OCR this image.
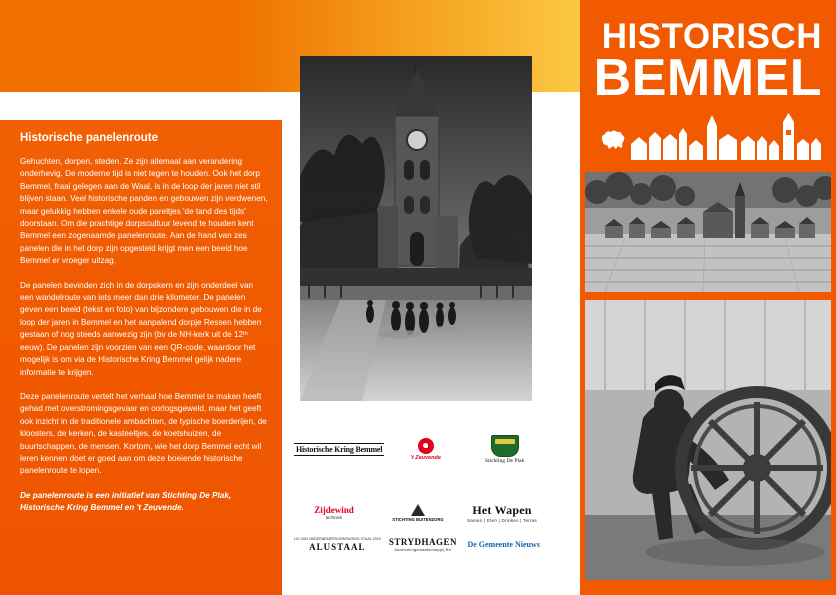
HISTORISCH
BEMMEL
Historische panelenroute

Gehuchten, dorpen, steden. Ze zijn allemaal aan verandering onderhevig. De moderne tijd is niet tegen te houden. Ook het dorp Bemmel, fraai gelegen aan de Waal, is in de loop der jaren niet stil blijven staan. Veel historische panden en gebouwen zijn verdwenen, maar gelukkig hebben enkele oude pareltjes 'de tand des tijds' doorstaan. Om die prachtige dorpscultuur levend te houden kent Bemmel een zogenaamde panelenroute. Aan de hand van zes panelen die in het dorp zijn opgesteld krijgt men een beeld hoe Bemmel er vroeger uitzag.

De panelen bevinden zich in de dorpskern en zijn onderdeel van een wandelroute van iets meer dan drie kilometer. De panelen geven een beeld (tekst en foto) van bijzondere gebouwen die in de loop der jaren in Bemmel en het aanpalend dorpje Ressen hebben gestaan of nog steeds aanwezig zijn (bv de NH-kerk uit de 12ᵗʰ eeuw). De panelen zijn voorzien van een QR-code, waardoor het mogelijk is om via de Historische Kring Bemmel gelijk nadere informatie te krijgen.

Deze panelenroute vertelt het verhaal hoe Bemmel te maken heeft gehad met overstromingsgevaar en oorlogsgeweld, maar het geeft ook inzicht in de traditionele ambachten, de typische boerderijen, de kloosters, de kerken, de kasteeltjes, de koetshuizen, de buurtschappen, de mensen. Kortom, wie het dorp Bemmel echt wil leren kennen doet er goed aan om deze boeiende historische panelenroute te lopen.

De panelenroute is een initiatief van Stichting De Plak, Historische Kring Bemmel en 't Zeuvende.

INITIATIEFNEMERS:
Historische Kring Bemmel
't Zeuvende	Stichting De Plak
MET DANK AAN:
Zijdewind
techniek	STICHTING BUITENZORG
Het Wapen
Samen | Eten | Drinken | Terras
LID VAN ONDERNEMERSVERENIGING STAAL 2015
ALUSTAAL	STRYDHAGEN
Aannemingsmaatschappij BV
De Gemeente Nieuws
ontwerp: STUDIO ARCH
